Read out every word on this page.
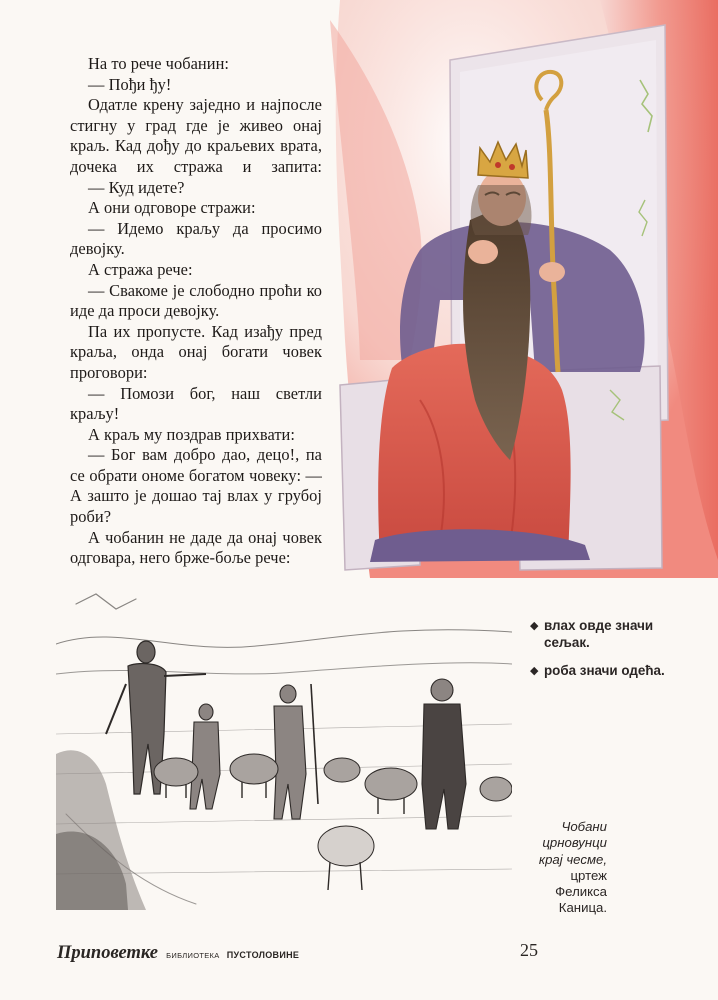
На то рече чобанин:

— Пођи ђу!

Одатле крену заједно и најпосле стигну у град где је живео онај краљ. Кад дођу до краљевих врата, дочека их стража и запита:

— Куд идете?

А они одговоре стражи:

— Идемо краљу да просимо девојку.

А стража рече:

— Свакоме је слободно проћи ко иде да проси девојку.

Па их пропусте. Кад изађу пред краља, онда онај богати човек проговори:

— Помози бог, наш светли краљу!

А краљ му поздрав прихвати:

— Бог вам добро дао, децо!, па се обрати ономе богатом човеку: — А зашто је дошао тај влах у грубој роби?

А чобанин не даде да онај човек одговара, него брже-боље рече:

◆ влах овде значи сељак.
◆ роба значи одећа.
Чобани црновунци крај чесме, цртеж Феликса Каница.
Приповетке БИБЛИОТЕКА ПУСТОЛОВИНЕ	25
